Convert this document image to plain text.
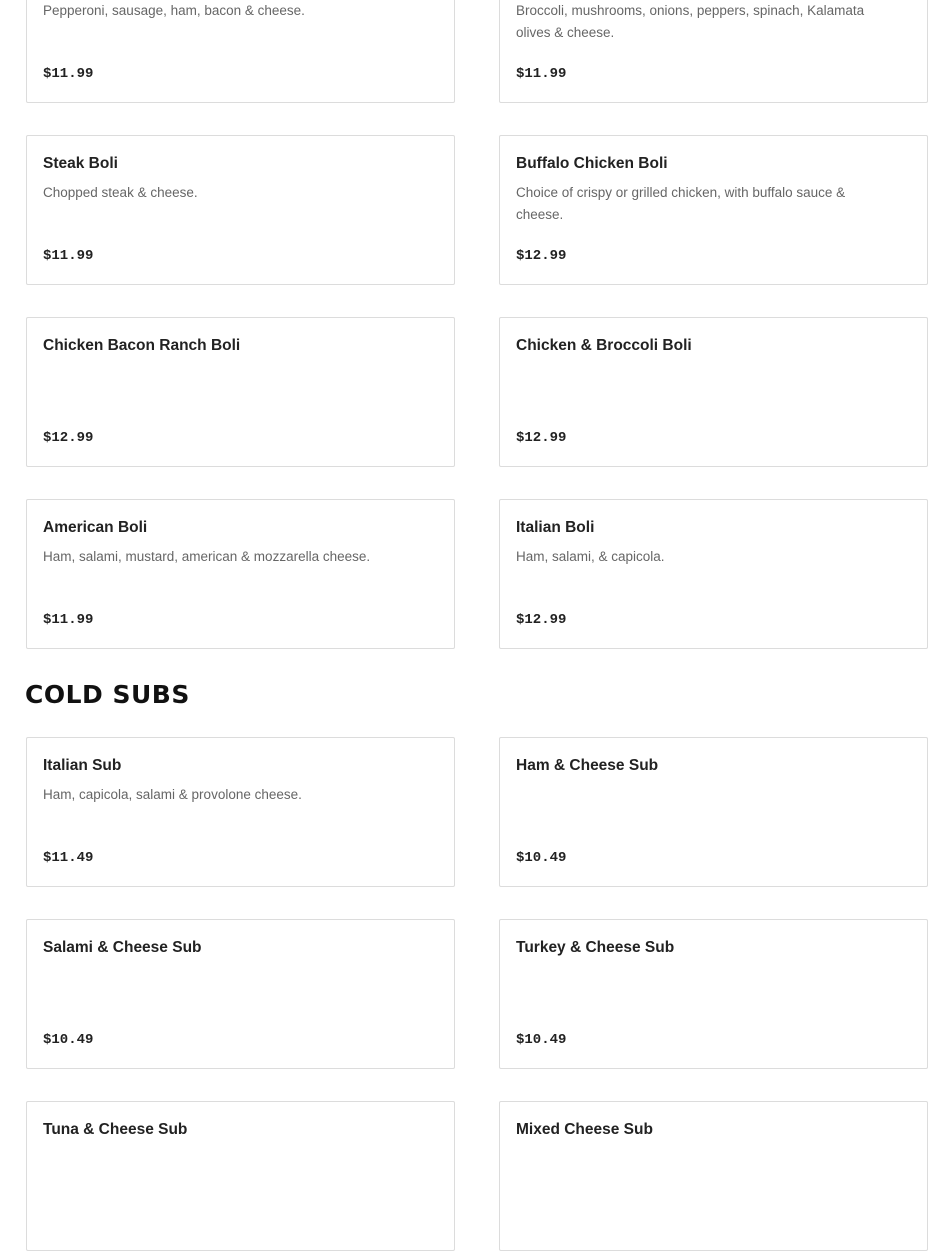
Pepperoni, sausage, ham, bacon & cheese.
$11.99
Broccoli, mushrooms, onions, peppers, spinach, Kalamata olives & cheese.
$11.99
Steak Boli
Chopped steak & cheese.
$11.99
Buffalo Chicken Boli
Choice of crispy or grilled chicken, with buffalo sauce & cheese.
$12.99
Chicken Bacon Ranch Boli
$12.99
Chicken & Broccoli Boli
$12.99
American Boli
Ham, salami, mustard, american & mozzarella cheese.
$11.99
Italian Boli
Ham, salami, & capicola.
$12.99
COLD SUBS
Italian Sub
Ham, capicola, salami & provolone cheese.
$11.49
Ham & Cheese Sub
$10.49
Salami & Cheese Sub
$10.49
Turkey & Cheese Sub
$10.49
Tuna & Cheese Sub	Mixed Cheese Sub
